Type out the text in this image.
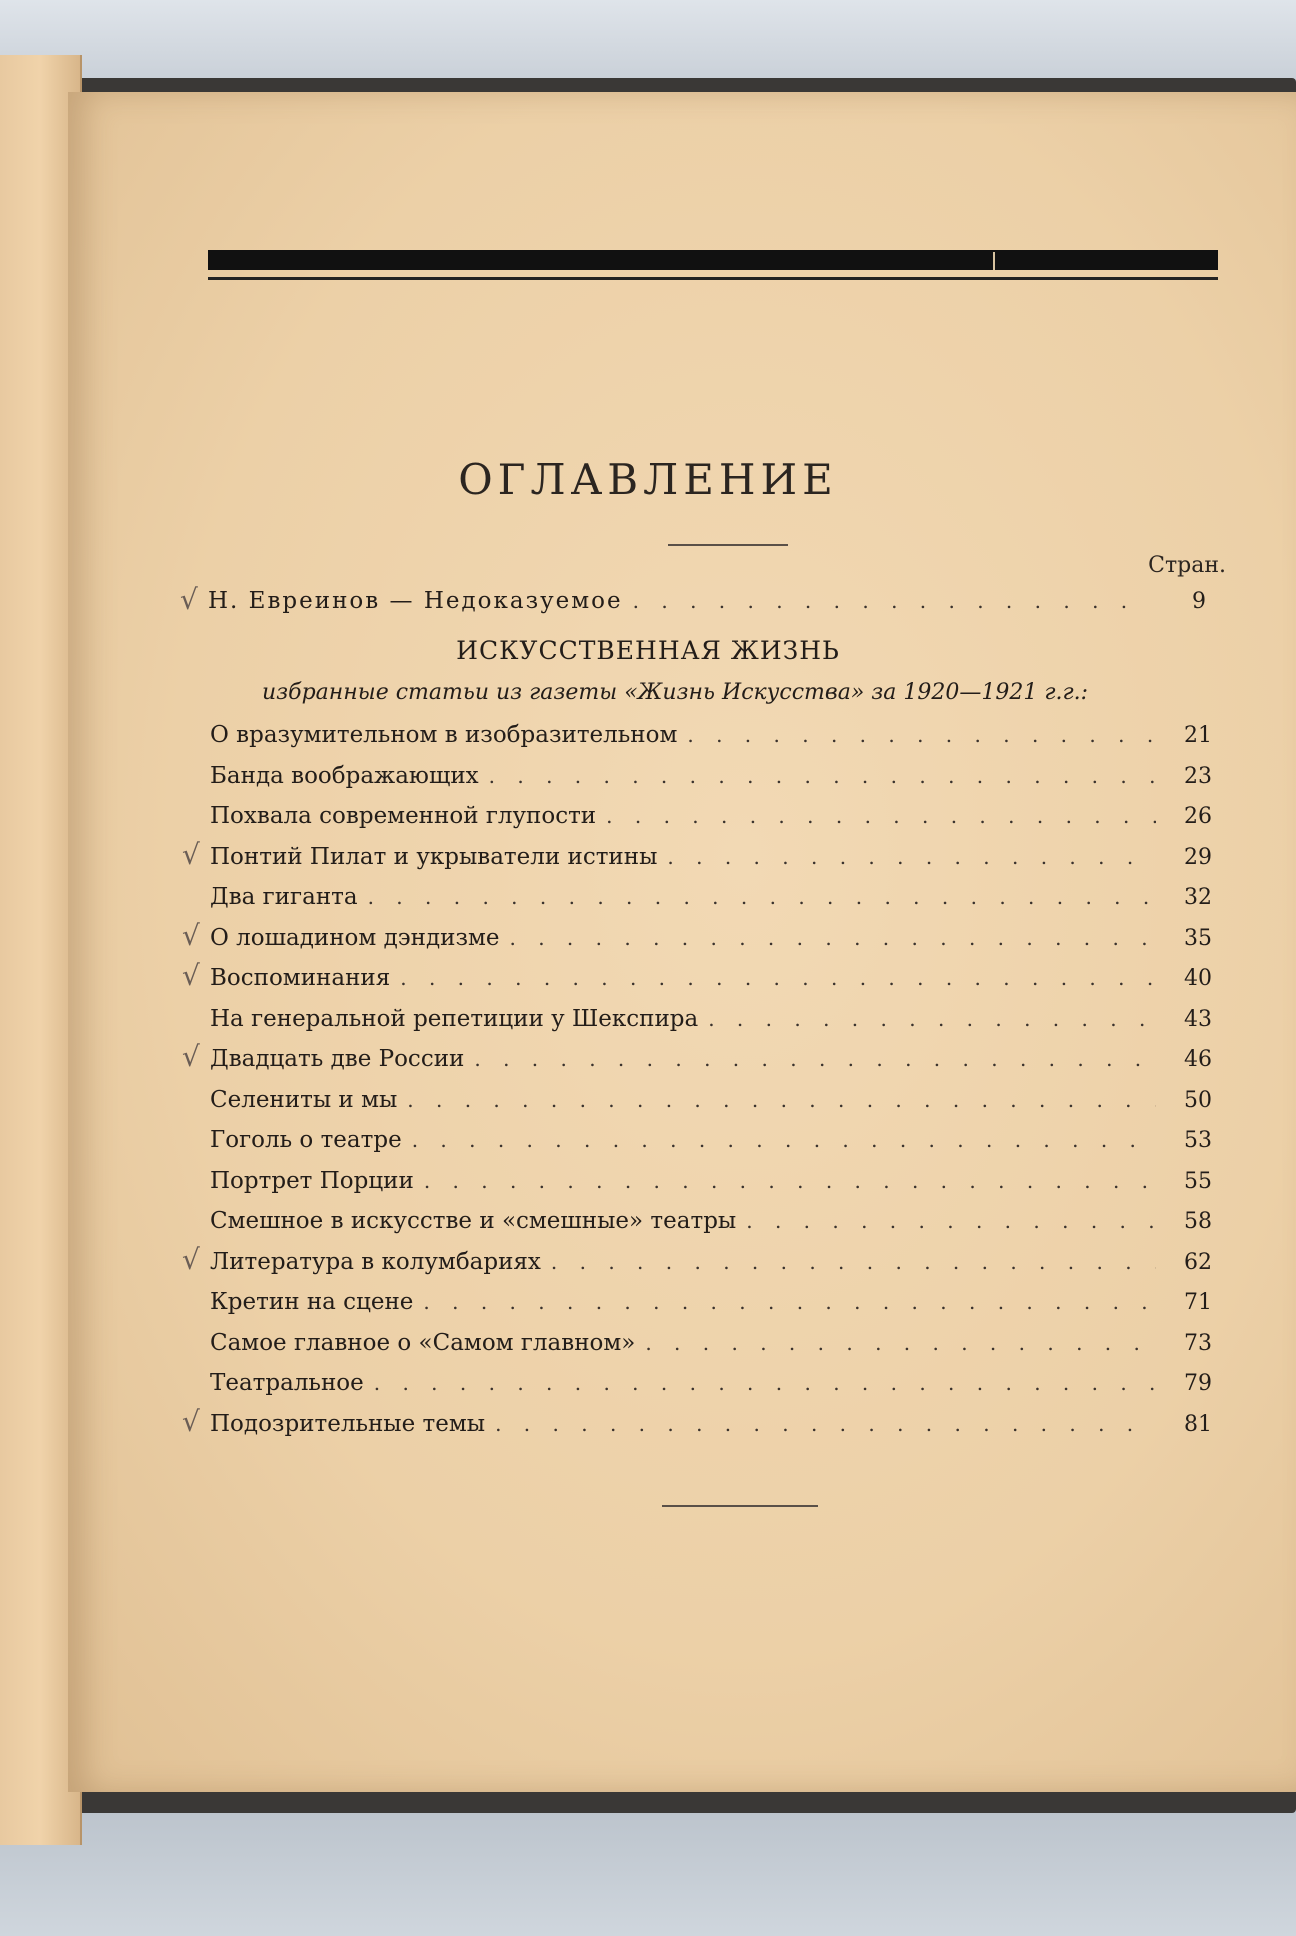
ОГЛАВЛЕНИЕ
Стран.
√ Н. Евреинов — Недоказуемое . . .	9
ИСКУССТВЕННАЯ ЖИЗНЬ
избранные статьи из газеты «Жизнь Искусства» за 1920—1921 г.г.:
О вразумительном в изобразительном . . .	21
Банда воображающих . . .	23
Похвала современной глупости . . .	26
√ Понтий Пилат и укрыватели истины . . .	29
Два гиганта . . .	32
√ О лошадином дэндизме . . .	35
√ Воспоминания . . .	40
На генеральной репетиции у Шекспира . . .	43
√ Двадцать две России . . .	46
Селениты и мы . . .	50
Гоголь о театре . . .	53
Портрет Порции . . .	55
Смешное в искусстве и «смешные» театры . . .	58
√ Литература в колумбариях . . .	62
Кретин на сцене . . .	71
Самое главное о «Самом главном» . . .	73
Театральное . . .	79
√ Подозрительные темы . . .	81
